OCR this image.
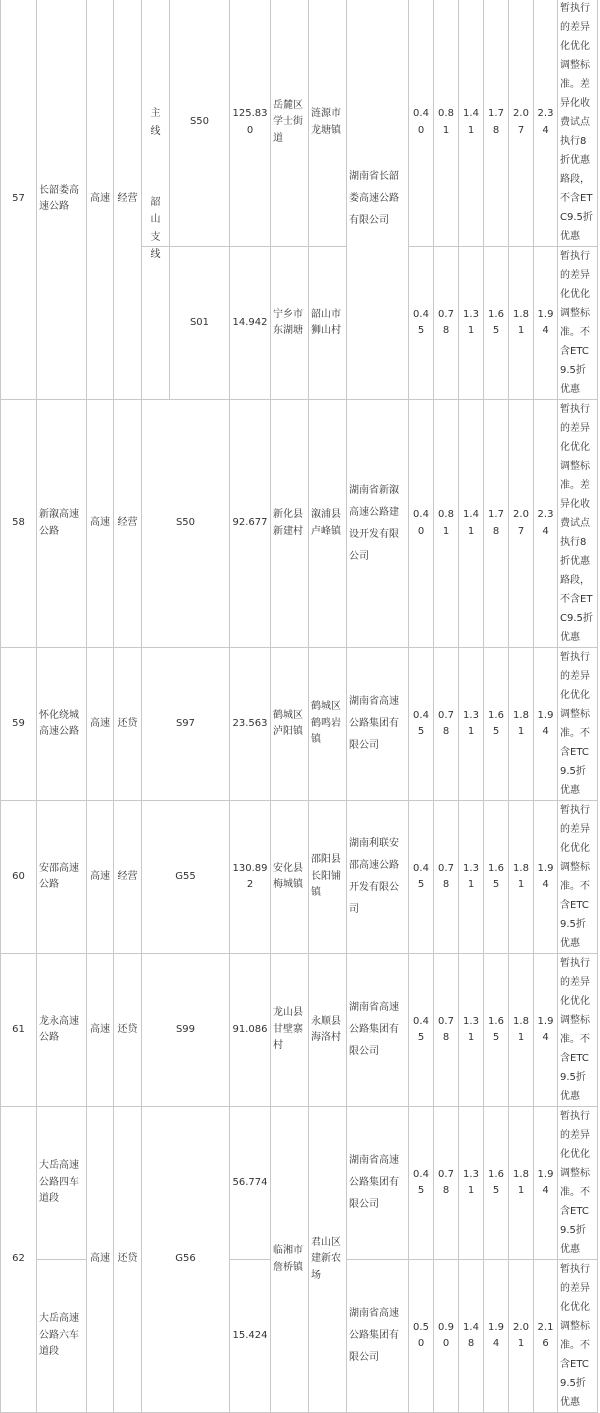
57	长韶娄高速公路	高速	经营	主线	S50	125.830	岳麓区学士街道	涟源市龙塘镇	湖南省长韶娄高速公路有限公司	0.40	0.81	1.41	1.78	2.07	2.34	暂执行的差异化优化调整标准。差异化收费试点执行8折优惠路段，不含ETC9.5折优惠
				韶山支线	S01	14.942	宁乡市东湖塘	韶山市狮山村		0.45	0.78	1.31	1.65	1.81	1.94	暂执行的差异化优化调整标准。不含ETC9.5折优惠
58	新溆高速公路	高速	经营	S50		92.677	新化县新建村	溆浦县卢峰镇	湖南省新溆高速公路建设开发有限公司	0.40	0.81	1.41	1.78	2.07	2.34	暂执行的差异化优化调整标准。差异化收费试点执行8折优惠路段，不含ETC9.5折优惠
59	怀化绕城高速公路	高速	还贷	S97		23.563	鹤城区泸阳镇	鹤城区鹤鸣岩镇	湖南省高速公路集团有限公司	0.45	0.78	1.31	1.65	1.81	1.94	暂执行的差异化优化调整标准。不含ETC9.5折优惠
60	安邵高速公路	高速	经营	G55		130.892	安化县梅城镇	邵阳县长阳铺镇	湖南利联安邵高速公路开发有限公司	0.45	0.78	1.31	1.65	1.81	1.94	暂执行的差异化优化调整标准。不含ETC9.5折优惠
61	龙永高速公路	高速	还贷	S99		91.086	龙山县甘壁寨村	永顺县海洛村	湖南省高速公路集团有限公司	0.45	0.78	1.31	1.65	1.81	1.94	暂执行的差异化优化调整标准。不含ETC9.5折优惠
62	大岳高速公路四车道段	高速	还贷	G56		56.774	临湘市詹桥镇	君山区建新农场	湖南省高速公路集团有限公司	0.45	0.78	1.31	1.65	1.81	1.94	暂执行的差异化优化调整标准。不含ETC9.5折优惠
	大岳高速公路六车道段					15.424			湖南省高速公路集团有限公司	0.50	0.90	1.48	1.94	2.01	2.16	暂执行的差异化优化调整标准。不含ETC9.5折优惠
